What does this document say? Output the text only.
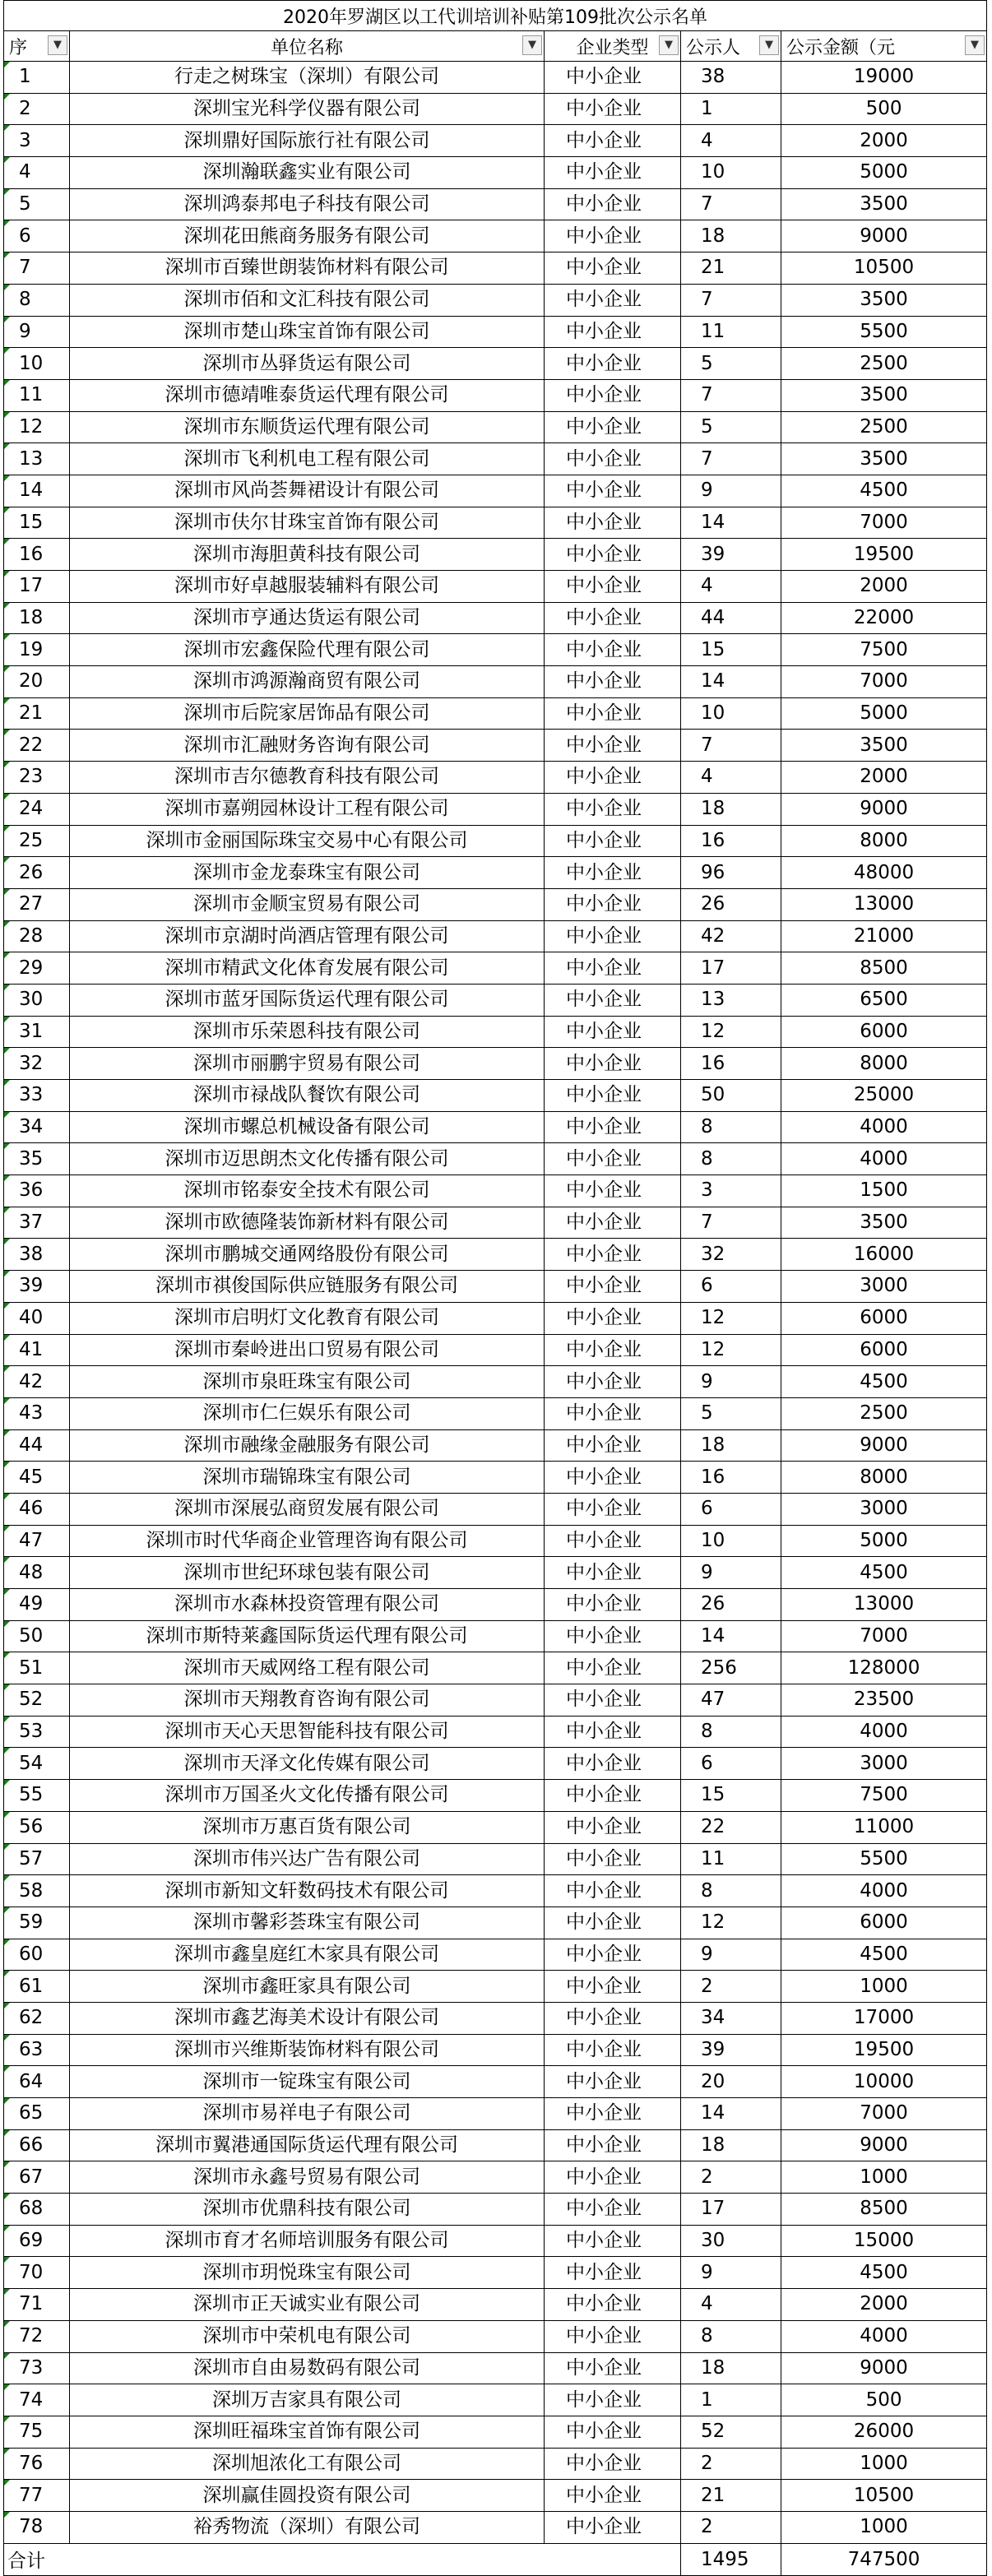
2020年罗湖区以工代训培训补贴第109批次公示名单				
序 ▼	单位名称 ▼	企业类型 ▼	公示人 ▼	公示金额（元 ▼

1	行走之树珠宝（深圳）有限公司	中小企业	38	19000
2	深圳宝光科学仪器有限公司	中小企业	1	500
3	深圳鼎好国际旅行社有限公司	中小企业	4	2000
4	深圳瀚联鑫实业有限公司	中小企业	10	5000
5	深圳鸿泰邦电子科技有限公司	中小企业	7	3500
6	深圳花田熊商务服务有限公司	中小企业	18	9000
7	深圳市百臻世朗装饰材料有限公司	中小企业	21	10500
8	深圳市佰和文汇科技有限公司	中小企业	7	3500
9	深圳市楚山珠宝首饰有限公司	中小企业	11	5500
10	深圳市丛驿货运有限公司	中小企业	5	2500
11	深圳市德靖唯泰货运代理有限公司	中小企业	7	3500
12	深圳市东顺货运代理有限公司	中小企业	5	2500
13	深圳市飞利机电工程有限公司	中小企业	7	3500
14	深圳市风尚荟舞裙设计有限公司	中小企业	9	4500
15	深圳市伕尔甘珠宝首饰有限公司	中小企业	14	7000
16	深圳市海胆黄科技有限公司	中小企业	39	19500
17	深圳市好卓越服装辅料有限公司	中小企业	4	2000
18	深圳市亨通达货运有限公司	中小企业	44	22000
19	深圳市宏鑫保险代理有限公司	中小企业	15	7500
20	深圳市鸿源瀚商贸有限公司	中小企业	14	7000
21	深圳市后院家居饰品有限公司	中小企业	10	5000
22	深圳市汇融财务咨询有限公司	中小企业	7	3500
23	深圳市吉尔德教育科技有限公司	中小企业	4	2000
24	深圳市嘉朔园林设计工程有限公司	中小企业	18	9000
25	深圳市金丽国际珠宝交易中心有限公司	中小企业	16	8000
26	深圳市金龙泰珠宝有限公司	中小企业	96	48000
27	深圳市金顺宝贸易有限公司	中小企业	26	13000
28	深圳市京湖时尚酒店管理有限公司	中小企业	42	21000
29	深圳市精武文化体育发展有限公司	中小企业	17	8500
30	深圳市蓝牙国际货运代理有限公司	中小企业	13	6500
31	深圳市乐荣恩科技有限公司	中小企业	12	6000
32	深圳市丽鹏宇贸易有限公司	中小企业	16	8000
33	深圳市禄战队餐饮有限公司	中小企业	50	25000
34	深圳市螺总机械设备有限公司	中小企业	8	4000
35	深圳市迈思朗杰文化传播有限公司	中小企业	8	4000
36	深圳市铭泰安全技术有限公司	中小企业	3	1500
37	深圳市欧德隆装饰新材料有限公司	中小企业	7	3500
38	深圳市鹏城交通网络股份有限公司	中小企业	32	16000
39	深圳市祺俊国际供应链服务有限公司	中小企业	6	3000
40	深圳市启明灯文化教育有限公司	中小企业	12	6000
41	深圳市秦岭进出口贸易有限公司	中小企业	12	6000
42	深圳市泉旺珠宝有限公司	中小企业	9	4500
43	深圳市仁仨娱乐有限公司	中小企业	5	2500
44	深圳市融缘金融服务有限公司	中小企业	18	9000
45	深圳市瑞锦珠宝有限公司	中小企业	16	8000
46	深圳市深展弘商贸发展有限公司	中小企业	6	3000
47	深圳市时代华商企业管理咨询有限公司	中小企业	10	5000
48	深圳市世纪环球包装有限公司	中小企业	9	4500
49	深圳市水森林投资管理有限公司	中小企业	26	13000
50	深圳市斯特莱鑫国际货运代理有限公司	中小企业	14	7000
51	深圳市天威网络工程有限公司	中小企业	256	128000
52	深圳市天翔教育咨询有限公司	中小企业	47	23500
53	深圳市天心天思智能科技有限公司	中小企业	8	4000
54	深圳市天泽文化传媒有限公司	中小企业	6	3000
55	深圳市万国圣火文化传播有限公司	中小企业	15	7500
56	深圳市万惠百货有限公司	中小企业	22	11000
57	深圳市伟兴达广告有限公司	中小企业	11	5500
58	深圳市新知文轩数码技术有限公司	中小企业	8	4000
59	深圳市馨彩荟珠宝有限公司	中小企业	12	6000
60	深圳市鑫皇庭红木家具有限公司	中小企业	9	4500
61	深圳市鑫旺家具有限公司	中小企业	2	1000
62	深圳市鑫艺海美术设计有限公司	中小企业	34	17000
63	深圳市兴维斯装饰材料有限公司	中小企业	39	19500
64	深圳市一锭珠宝有限公司	中小企业	20	10000
65	深圳市易祥电子有限公司	中小企业	14	7000
66	深圳市翼港通国际货运代理有限公司	中小企业	18	9000
67	深圳市永鑫号贸易有限公司	中小企业	2	1000
68	深圳市优鼎科技有限公司	中小企业	17	8500
69	深圳市育才名师培训服务有限公司	中小企业	30	15000
70	深圳市玥悦珠宝有限公司	中小企业	9	4500
71	深圳市正天诚实业有限公司	中小企业	4	2000
72	深圳市中荣机电有限公司	中小企业	8	4000
73	深圳市自由易数码有限公司	中小企业	18	9000
74	深圳万吉家具有限公司	中小企业	1	500
75	深圳旺福珠宝首饰有限公司	中小企业	52	26000
76	深圳旭浓化工有限公司	中小企业	2	1000
77	深圳赢佳圆投资有限公司	中小企业	21	10500
78	裕秀物流（深圳）有限公司	中小企业	2	1000
合计			1495	747500
